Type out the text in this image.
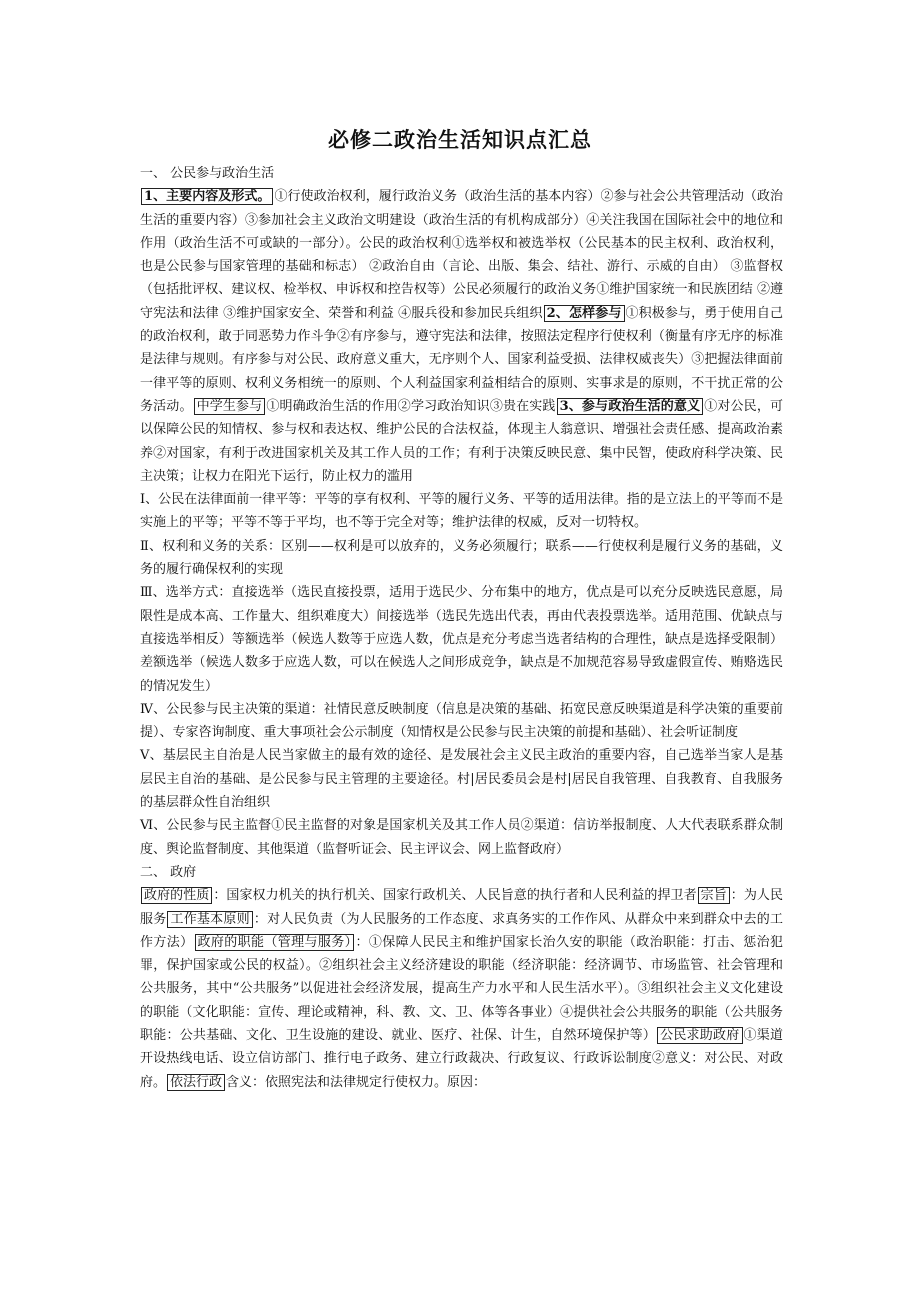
必修二政治生活知识点汇总

一、 公民参与政治生活

1、主要内容及形式。 ①行使政治权利，履行政治义务（政治生活的基本内容）②参与社会公共管理活动（政治生活的重要内容）③参加社会主义政治文明建设（政治生活的有机构成部分）④关注我国在国际社会中的地位和作用（政治生活不可或缺的一部分）。公民的政治权利①选举权和被选举权（公民基本的民主权利、政治权利，也是公民参与国家管理的基础和标志） ②政治自由（言论、出版、集会、结社、游行、示威的自由） ③监督权（包括批评权、建议权、检举权、申诉权和控告权等）公民必须履行的政治义务①维护国家统一和民族团结 ②遵守宪法和法律 ③维护国家安全、荣誉和利益 ④服兵役和参加民兵组织 2、怎样参与 ①积极参与，勇于使用自己的政治权利，敢于同恶势力作斗争②有序参与，遵守宪法和法律，按照法定程序行使权利（衡量有序无序的标准是法律与规则。有序参与对公民、政府意义重大，无序则个人、国家利益受损、法律权威丧失）③把握法律面前一律平等的原则、权利义务相统一的原则、个人利益国家利益相结合的原则、实事求是的原则，不干扰正常的公务活动。 中学生参与 ①明确政治生活的作用②学习政治知识③贵在实践 3、参与政治生活的意义 ①对公民，可以保障公民的知情权、参与权和表达权、维护公民的合法权益，体现主人翁意识、增强社会责任感、提高政治素养②对国家，有利于改进国家机关及其工作人员的工作；有利于决策反映民意、集中民智，使政府科学决策、民主决策；让权力在阳光下运行，防止权力的滥用

Ⅰ、公民在法律面前一律平等：平等的享有权利、平等的履行义务、平等的适用法律。指的是立法上的平等而不是实施上的平等；平等不等于平均，也不等于完全对等；维护法律的权威，反对一切特权。

Ⅱ、权利和义务的关系：区别——权利是可以放弃的，义务必须履行；联系——行使权利是履行义务的基础，义务的履行确保权利的实现

Ⅲ、选举方式：直接选举（选民直接投票，适用于选民少、分布集中的地方，优点是可以充分反映选民意愿，局限性是成本高、工作量大、组织难度大）间接选举（选民先选出代表，再由代表投票选举。适用范围、优缺点与直接选举相反）等额选举（候选人数等于应选人数，优点是充分考虑当选者结构的合理性，缺点是选择受限制）差额选举（候选人数多于应选人数，可以在候选人之间形成竞争，缺点是不加规范容易导致虚假宣传、贿赂选民的情况发生）

Ⅳ、公民参与民主决策的渠道：社情民意反映制度（信息是决策的基础、拓宽民意反映渠道是科学决策的重要前提）、专家咨询制度、重大事项社会公示制度（知情权是公民参与民主决策的前提和基础）、社会听证制度

Ⅴ、基层民主自治是人民当家做主的最有效的途径、是发展社会主义民主政治的重要内容，自己选举当家人是基层民主自治的基础、是公民参与民主管理的主要途径。村|居民委员会是村|居民自我管理、自我教育、自我服务的基层群众性自治组织

Ⅵ、公民参与民主监督①民主监督的对象是国家机关及其工作人员②渠道：信访举报制度、人大代表联系群众制度、舆论监督制度、其他渠道（监督听证会、民主评议会、网上监督政府）

二、 政府

政府的性质 ：国家权力机关的执行机关、国家行政机关、人民旨意的执行者和人民利益的捍卫者 宗旨 ：为人民服务 工作基本原则 ：对人民负责（为人民服务的工作态度、求真务实的工作作风、从群众中来到群众中去的工作方法） 政府的职能（管理与服务） ：①保障人民民主和维护国家长治久安的职能（政治职能：打击、惩治犯罪，保护国家或公民的权益）。②组织社会主义经济建设的职能（经济职能：经济调节、市场监管、社会管理和公共服务，其中“公共服务”以促进社会经济发展，提高生产力水平和人民生活水平）。③组织社会主义文化建设的职能（文化职能：宣传、理论或精神，科、教、文、卫、体等各事业）④提供社会公共服务的职能（公共服务职能：公共基础、文化、卫生设施的建设、就业、医疗、社保、计生，自然环境保护等） 公民求助政府 ①渠道开设热线电话、设立信访部门、推行电子政务、建立行政裁决、行政复议、行政诉讼制度②意义：对公民、对政府。 依法行政 含义：依照宪法和法律规定行使权力。原因：
